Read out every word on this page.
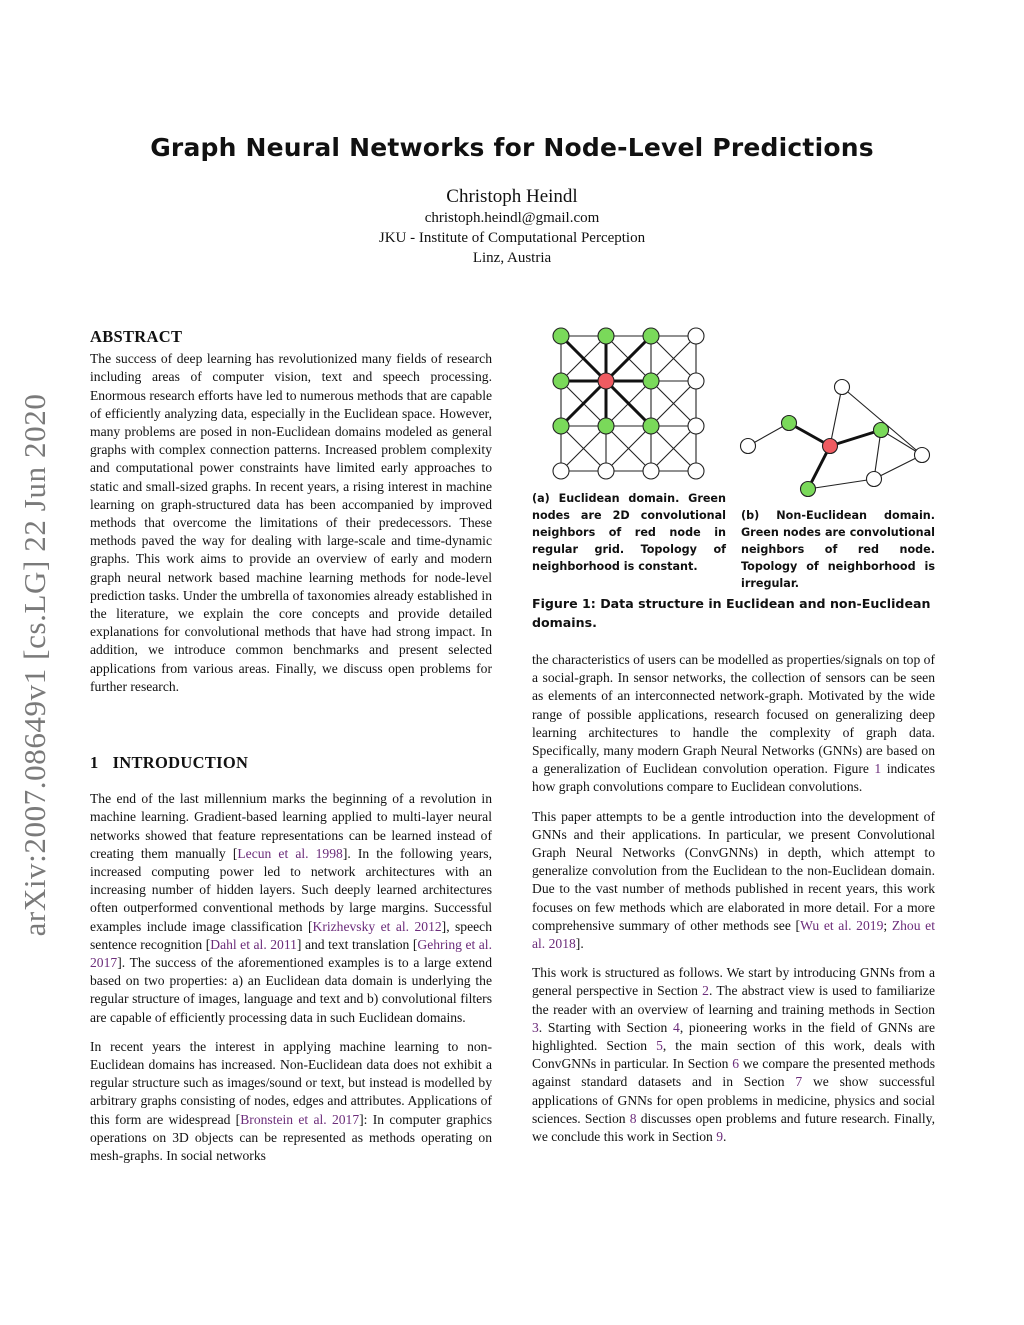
arXiv:2007.08649v1 [cs.LG] 22 Jun 2020
Graph Neural Networks for Node-Level Predictions
Christoph Heindl
christoph.heindl@gmail.com
JKU - Institute of Computational Perception
Linz, Austria
ABSTRACT

The success of deep learning has revolutionized many fields of research including areas of computer vision, text and speech processing. Enormous research efforts have led to numerous methods that are capable of efficiently analyzing data, especially in the Euclidean space. However, many problems are posed in non-Euclidean domains modeled as general graphs with complex connection patterns. Increased problem complexity and computational power constraints have limited early approaches to static and small-sized graphs. In recent years, a rising interest in machine learning on graph-structured data has been accompanied by improved methods that overcome the limitations of their predecessors. These methods paved the way for dealing with large-scale and time-dynamic graphs. This work aims to provide an overview of early and modern graph neural network based machine learning methods for node-level prediction tasks. Under the umbrella of taxonomies already established in the literature, we explain the core concepts and provide detailed explanations for convolutional methods that have had strong impact. In addition, we introduce common benchmarks and present selected applications from various areas. Finally, we discuss open problems for further research.

1 INTRODUCTION

The end of the last millennium marks the beginning of a revolution in machine learning. Gradient-based learning applied to multi-layer neural networks showed that feature representations can be learned instead of creating them manually [Lecun et al. 1998]. In the following years, increased computing power led to network architectures with an increasing number of hidden layers. Such deeply learned architectures often outperformed conventional methods by large margins. Successful examples include image classification [Krizhevsky et al. 2012], speech sentence recognition [Dahl et al. 2011] and text translation [Gehring et al. 2017]. The success of the aforementioned examples is to a large extend based on two properties: a) an Euclidean data domain is underlying the regular structure of images, language and text and b) convolutional filters are capable of efficiently processing data in such Euclidean domains.

In recent years the interest in applying machine learning to non-Euclidean domains has increased. Non-Euclidean data does not exhibit a regular structure such as images/sound or text, but instead is modelled by arbitrary graphs consisting of nodes, edges and attributes. Applications of this form are widespread [Bronstein et al. 2017]: In computer graphics operations on 3D objects can be represented as methods operating on mesh-graphs. In social networks

(a) Euclidean domain. Green nodes are 2D convolutional neighbors of red node in regular grid. Topology of neighborhood is constant.
(b) Non-Euclidean domain. Green nodes are convolutional neighbors of red node. Topology of neighborhood is irregular.
Figure 1: Data structure in Euclidean and non-Euclidean domains.

the characteristics of users can be modelled as properties/signals on top of a social-graph. In sensor networks, the collection of sensors can be seen as elements of an interconnected network-graph. Motivated by the wide range of possible applications, research focused on generalizing deep learning architectures to handle the complexity of graph data. Specifically, many modern Graph Neural Networks (GNNs) are based on a generalization of Euclidean convolution operation. Figure 1 indicates how graph convolutions compare to Euclidean convolutions.

This paper attempts to be a gentle introduction into the development of GNNs and their applications. In particular, we present Convolutional Graph Neural Networks (ConvGNNs) in depth, which attempt to generalize convolution from the Euclidean to the non-Euclidean domain. Due to the vast number of methods published in recent years, this work focuses on few methods which are elaborated in more detail. For a more comprehensive summary of other methods see [Wu et al. 2019; Zhou et al. 2018].

This work is structured as follows. We start by introducing GNNs from a general perspective in Section 2. The abstract view is used to familiarize the reader with an overview of learning and training methods in Section 3. Starting with Section 4, pioneering works in the field of GNNs are highlighted. Section 5, the main section of this work, deals with ConvGNNs in particular. In Section 6 we compare the presented methods against standard datasets and in Section 7 we show successful applications of GNNs for open problems in medicine, physics and social sciences. Section 8 discusses open problems and future research. Finally, we conclude this work in Section 9.
